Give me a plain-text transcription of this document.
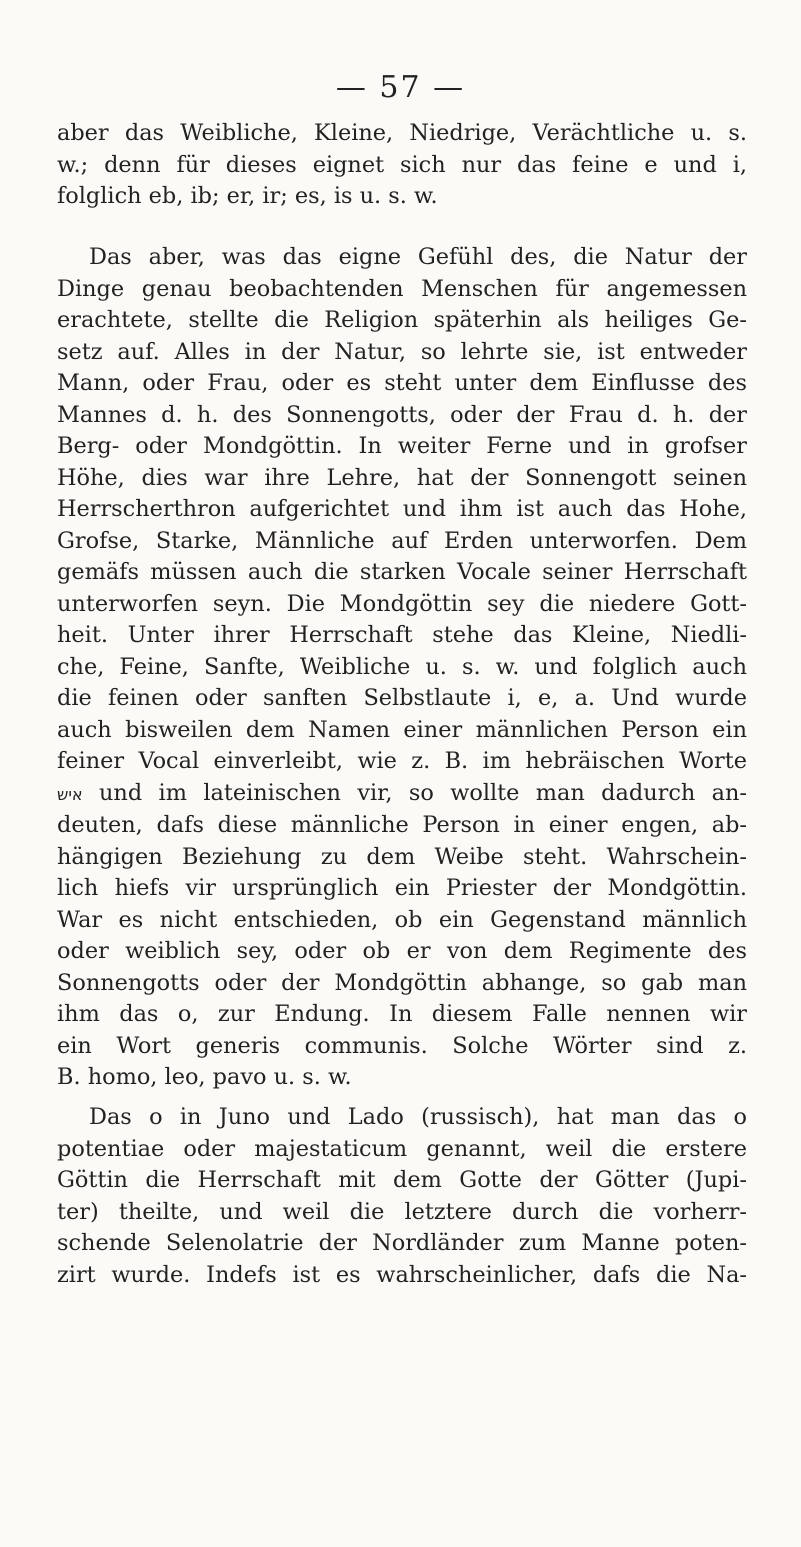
— 57 —
aber das Weibliche, Kleine, Niedrige, Verächtliche u. s.
w.; denn für dieses eignet sich nur das feine e und i,
folglich eb, ib; er, ir; es, is u. s. w.
Das aber, was das eigne Gefühl des, die Natur der
Dinge genau beobachtenden Menschen für angemessen
erachtete, stellte die Religion späterhin als heiliges Ge-
setz auf. Alles in der Natur, so lehrte sie, ist entweder
Mann, oder Frau, oder es steht unter dem Einflusse des
Mannes d. h. des Sonnengotts, oder der Frau d. h. der
Berg- oder Mondgöttin. In weiter Ferne und in grofser
Höhe, dies war ihre Lehre, hat der Sonnengott seinen
Herrscherthron aufgerichtet und ihm ist auch das Hohe,
Grofse, Starke, Männliche auf Erden unterworfen. Dem
gemäfs müssen auch die starken Vocale seiner Herrschaft
unterworfen seyn. Die Mondgöttin sey die niedere Gott-
heit. Unter ihrer Herrschaft stehe das Kleine, Niedli-
che, Feine, Sanfte, Weibliche u. s. w. und folglich auch
die feinen oder sanften Selbstlaute i, e, a. Und wurde
auch bisweilen dem Namen einer männlichen Person ein
feiner Vocal einverleibt, wie z. B. im hebräischen Worte
איש und im lateinischen vir, so wollte man dadurch an-
deuten, dafs diese männliche Person in einer engen, ab-
hängigen Beziehung zu dem Weibe steht. Wahrschein-
lich hiefs vir ursprünglich ein Priester der Mondgöttin.
War es nicht entschieden, ob ein Gegenstand männlich
oder weiblich sey, oder ob er von dem Regimente des
Sonnengotts oder der Mondgöttin abhange, so gab man
ihm das o, zur Endung. In diesem Falle nennen wir
ein Wort generis communis. Solche Wörter sind z.
B. homo, leo, pavo u. s. w.
Das o in Juno und Lado (russisch), hat man das o
potentiae oder majestaticum genannt, weil die erstere
Göttin die Herrschaft mit dem Gotte der Götter (Jupi-
ter) theilte, und weil die letztere durch die vorherr-
schende Selenolatrie der Nordländer zum Manne poten-
zirt wurde. Indefs ist es wahrscheinlicher, dafs die Na-
